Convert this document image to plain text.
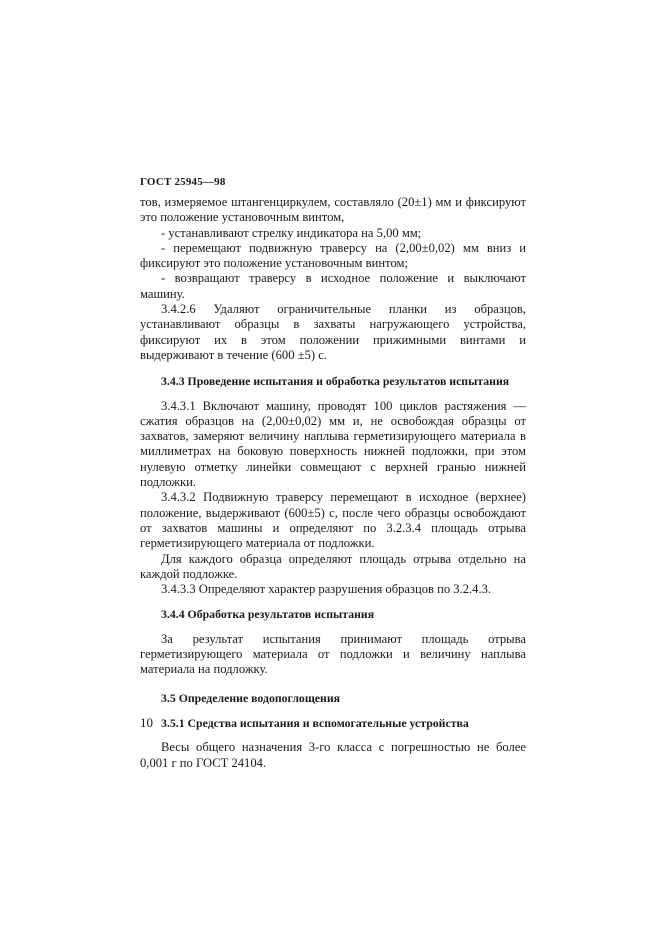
ГОСТ 25945—98

тов, измеряемое штангенциркулем, составляло (20±1) мм и фиксируют это положение установочным винтом,

- устанавливают стрелку индикатора на 5,00 мм;

- перемещают подвижную траверсу на (2,00±0,02) мм вниз и фиксируют это положение установочным винтом;

- возвращают траверсу в исходное положение и выключают машину.

3.4.2.6 Удаляют ограничительные планки из образцов, устанавливают образцы в захваты нагружающего устройства, фиксируют их в этом положении прижимными винтами и выдерживают в течение (600 ±5) с.

3.4.3 Проведение испытания и обработка результатов испытания

3.4.3.1 Включают машину, проводят 100 циклов растяжения — сжатия образцов на (2,00±0,02) мм и, не освобождая образцы от захватов, замеряют величину наплыва герметизирующего материала в миллиметрах на боковую поверхность нижней подложки, при этом нулевую отметку линейки совмещают с верхней гранью нижней подложки.

3.4.3.2 Подвижную траверсу перемещают в исходное (верхнее) положение, выдерживают (600±5) с, после чего образцы освобождают от захватов машины и определяют по 3.2.3.4 площадь отрыва герметизирующего материала от подложки.

Для каждого образца определяют площадь отрыва отдельно на каждой подложке.

3.4.3.3 Определяют характер разрушения образцов по 3.2.4.3.

3.4.4 Обработка результатов испытания

За результат испытания принимают площадь отрыва герметизирующего материала от подложки и величину наплыва материала на подложку.

3.5 Определение водопоглощения

3.5.1 Средства испытания и вспомогательные устройства

Весы общего назначения 3-го класса с погрешностью не более 0,001 г по ГОСТ 24104.

10
